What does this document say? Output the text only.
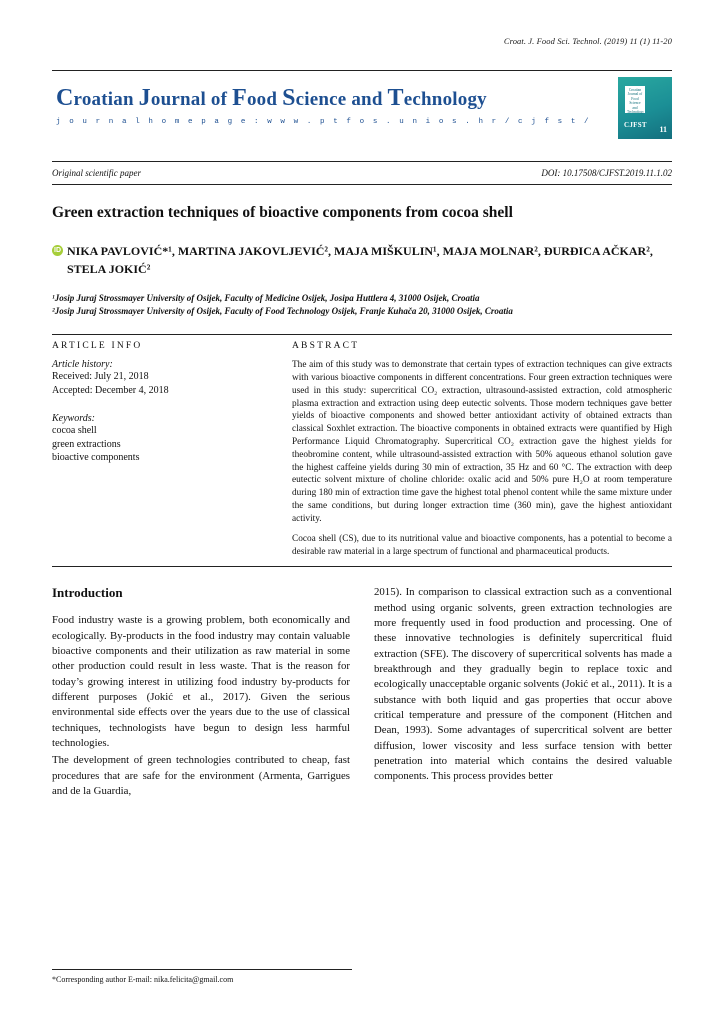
Croat. J. Food Sci. Technol. (2019) 11 (1) 11-20
Croatian Journal of Food Science and Technology
j o u r n a l h o m e p a g e : w w w . p t f o s . u n i o s . h r / c j f s t /
Croatian Journal of Food Science and Technology
CJFST
11
Original scientific paper	DOI: 10.17508/CJFST.2019.11.1.02
Green extraction techniques of bioactive components from cocoa shell
ID NIKA PAVLOVIĆ*¹, MARTINA JAKOVLJEVIĆ², MAJA MIŠKULIN¹, MAJA MOLNAR², ĐURĐICA AČKAR², STELA JOKIĆ²
¹Josip Juraj Strossmayer University of Osijek, Faculty of Medicine Osijek, Josipa Huttlera 4, 31000 Osijek, Croatia
²Josip Juraj Strossmayer University of Osijek, Faculty of Food Technology Osijek, Franje Kuhača 20, 31000 Osijek, Croatia
ARTICLE INFO
Article history:
Received: July 21, 2018
Accepted: December 4, 2018
Keywords:
cocoa shell
green extractions
bioactive components
ABSTRACT

The aim of this study was to demonstrate that certain types of extraction techniques can give extracts with various bioactive components in different concentrations. Four green extraction techniques were used in this study: supercritical CO₂ extraction, ultrasound-assisted extraction, cold atmospheric plasma extraction and extraction using deep eutectic solvents. Those modern techniques gave better yields of bioactive components and showed better antioxidant activity of obtained extracts than classical Soxhlet extraction. The bioactive components in obtained extracts were quantified by High Performance Liquid Chromatography. Supercritical CO₂ extraction gave the highest yields for theobromine content, while ultrasound-assisted extraction with 50% aqueous ethanol solution gave the highest caffeine yields during 30 min of extraction, 35 Hz and 60 °C. The extraction with deep eutectic solvent mixture of choline chloride: oxalic acid and 50% pure H₂O at room temperature during 180 min of extraction time gave the highest total phenol content while the same mixture under the same conditions, but during longer extraction time (360 min), gave the highest antioxidant activity.

Cocoa shell (CS), due to its nutritional value and bioactive components, has a potential to become a desirable raw material in a large spectrum of functional and pharmaceutical products.

Introduction

Food industry waste is a growing problem, both economically and ecologically. By-products in the food industry may contain valuable bioactive components and their utilization as raw material in some other production could result in less waste. That is the reason for today’s growing interest in utilizing food industry by-products for different purposes (Jokić et al., 2017). Given the serious environmental side effects over the years due to the use of classical techniques, technologists have begun to design less harmful technologies.

The development of green technologies contributed to cheap, fast procedures that are safe for the environment (Armenta, Garrigues and de la Guardia,

2015). In comparison to classical extraction such as a conventional method using organic solvents, green extraction technologies are more frequently used in food production and processing. One of these innovative technologies is definitely supercritical fluid extraction (SFE). The discovery of supercritical solvents has made a breakthrough and they gradually begin to replace toxic and ecologically unacceptable organic solvents (Jokić et al., 2011). It is a substance with both liquid and gas properties that occur above critical temperature and pressure of the component (Hitchen and Dean, 1993). Some advantages of supercritical solvent are better diffusion, lower viscosity and less surface tension with better penetration into material which contains the desired valuable components. This process provides better

*Corresponding author E-mail: nika.felicita@gmail.com
